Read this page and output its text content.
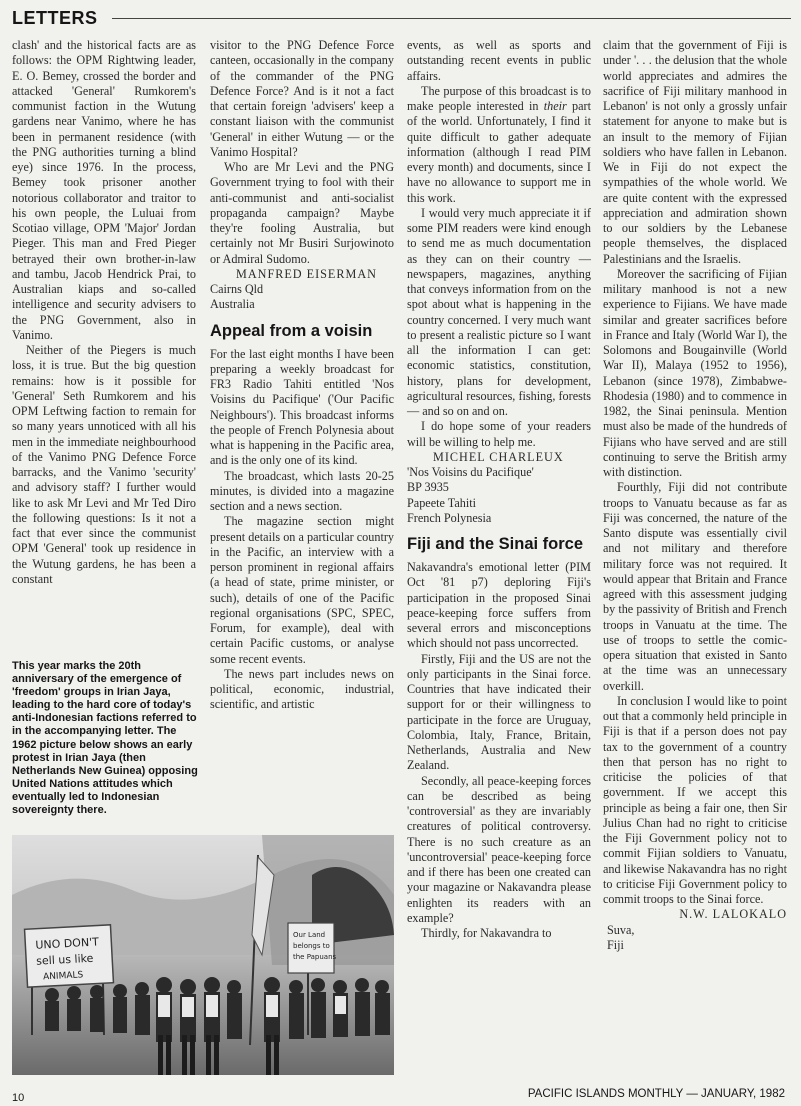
LETTERS

clash' and the historical facts are as follows: the OPM Rightwing leader, E. O. Bemey, crossed the border and attacked 'General' Rumkorem's communist faction in the Wutung gardens near Vanimo, where he has been in permanent residence (with the PNG authorities turning a blind eye) since 1976. In the process, Bemey took prisoner another notorious collaborator and traitor to his own people, the Luluai from Scotiao village, OPM 'Major' Jordan Pieger. This man and Fred Pieger betrayed their own brother-in-law and tambu, Jacob Hendrick Prai, to Australian kiaps and so-called intelligence and security advisers to the PNG Government, also in Vanimo.

Neither of the Piegers is much loss, it is true. But the big question remains: how is it possible for 'General' Seth Rumkorem and his OPM Leftwing faction to remain for so many years unnoticed with all his men in the immediate neighbourhood of the Vanimo PNG Defence Force barracks, and the Vanimo 'security' and advisory staff? I further would like to ask Mr Levi and Mr Ted Diro the following questions: Is it not a fact that ever since the communist OPM 'General' took up residence in the Wutung gardens, he has been a constant

This year marks the 20th anniversary of the emergence of 'freedom' groups in Irian Jaya, leading to the hard core of today's anti-Indonesian factions referred to in the accompanying letter. The 1962 picture below shows an early protest in Irian Jaya (then Netherlands New Guinea) opposing United Nations attitudes which eventually led to Indonesian sovereignty there.
UNO DON'T
sell us like
ANIMALS
Our Land
belongs to
the Papuans

visitor to the PNG Defence Force canteen, occasionally in the company of the commander of the PNG Defence Force? And is it not a fact that certain foreign 'advisers' keep a constant liaison with the communist 'General' in either Wutung — or the Vanimo Hospital?

Who are Mr Levi and the PNG Government trying to fool with their anti-communist and anti-socialist propaganda campaign? Maybe they're fooling Australia, but certainly not Mr Busiri Surjowinoto or Admiral Sudomo.

MANFRED EISERMAN

Cairns Qld

Australia

Appeal from a voisin

For the last eight months I have been preparing a weekly broadcast for FR3 Radio Tahiti entitled 'Nos Voisins du Pacifique' ('Our Pacific Neighbours'). This broadcast informs the people of French Polynesia about what is happening in the Pacific area, and is the only one of its kind.

The broadcast, which lasts 20-25 minutes, is divided into a magazine section and a news section.

The magazine section might present details on a particular country in the Pacific, an interview with a person prominent in regional affairs (a head of state, prime minister, or such), details of one of the Pacific regional organisations (SPC, SPEC, Forum, for example), deal with certain Pacific customs, or analyse some recent events.

The news part includes news on political, economic, industrial, scientific, and artistic

events, as well as sports and outstanding recent events in public affairs.

The purpose of this broadcast is to make people interested in their part of the world. Unfortunately, I find it quite difficult to gather adequate information (although I read PIM every month) and documents, since I have no allowance to support me in this work.

I would very much appreciate it if some PIM readers were kind enough to send me as much documentation as they can on their country — newspapers, magazines, anything that conveys information from on the spot about what is happening in the country concerned. I very much want to present a realistic picture so I want all the information I can get: economic statistics, constitution, history, plans for development, agricultural resources, fishing, forests — and so on and on.

I do hope some of your readers will be willing to help me.

MICHEL CHARLEUX

'Nos Voisins du Pacifique'

BP 3935

Papeete Tahiti

French Polynesia

Fiji and the Sinai force

Nakavandra's emotional letter (PIM Oct '81 p7) deploring Fiji's participation in the proposed Sinai peace-keeping force suffers from several errors and misconceptions which should not pass uncorrected.

Firstly, Fiji and the US are not the only participants in the Sinai force. Countries that have indicated their support for or their willingness to participate in the force are Uruguay, Colombia, Italy, France, Britain, Netherlands, Australia and New Zealand.

Secondly, all peace-keeping forces can be described as being 'controversial' as they are invariably creatures of political controversy. There is no such creature as an 'uncontroversial' peace-keeping force and if there has been one created can your magazine or Nakavandra please enlighten its readers with an example?

Thirdly, for Nakavandra to

claim that the government of Fiji is under '. . . the delusion that the whole world appreciates and admires the sacrifice of Fiji military manhood in Lebanon' is not only a grossly unfair statement for anyone to make but is an insult to the memory of Fijian soldiers who have fallen in Lebanon. We in Fiji do not expect the sympathies of the whole world. We are quite content with the expressed appreciation and admiration shown to our soldiers by the Lebanese people themselves, the displaced Palestinians and the Israelis.

Moreover the sacrificing of Fijian military manhood is not a new experience to Fijians. We have made similar and greater sacrifices before in France and Italy (World War I), the Solomons and Bougainville (World War II), Malaya (1952 to 1956), Lebanon (since 1978), Zimbabwe-Rhodesia (1980) and to commence in 1982, the Sinai peninsula. Mention must also be made of the hundreds of Fijians who have served and are still continuing to serve the British army with distinction.

Fourthly, Fiji did not contribute troops to Vanuatu because as far as Fiji was concerned, the nature of the Santo dispute was essentially civil and not military and therefore military force was not required. It would appear that Britain and France agreed with this assessment judging by the passivity of British and French troops in Vanuatu at the time. The use of troops to settle the comic-opera situation that existed in Santo at the time was an unnecessary overkill.

In conclusion I would like to point out that a commonly held principle in Fiji is that if a person does not pay tax to the government of a country then that person has no right to criticise the policies of that government. If we accept this principle as being a fair one, then Sir Julius Chan had no right to criticise the Fiji Government policy not to commit Fijian soldiers to Vanuatu, and likewise Nakavandra has no right to criticise Fiji Government policy to commit troops to the Sinai force.

N.W. LALOKALO

Suva,

Fiji

10	PACIFIC ISLANDS MONTHLY — JANUARY, 1982
